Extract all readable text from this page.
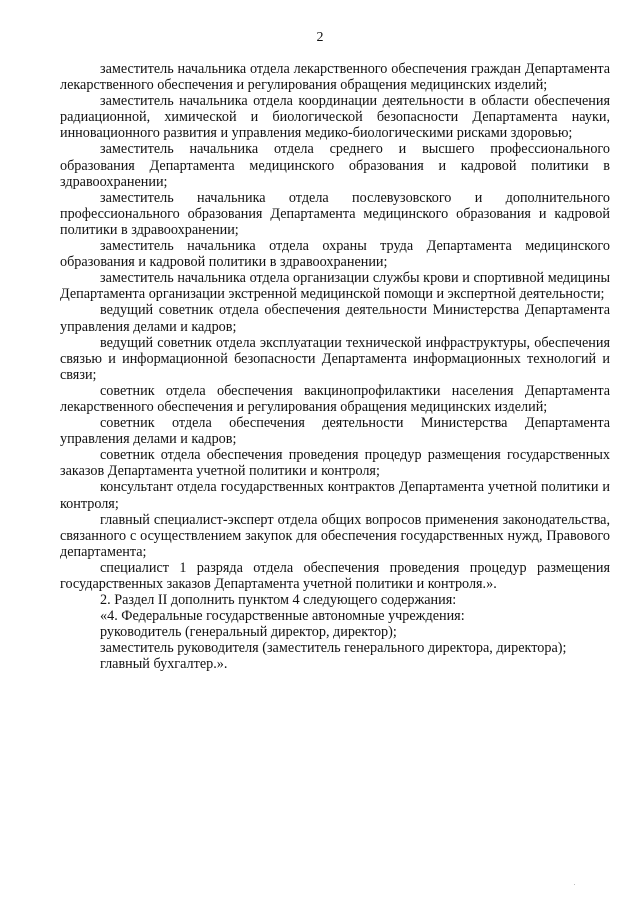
2

заместитель начальника отдела лекарственного обеспечения граждан Департамента лекарственного обеспечения и регулирования обращения медицинских изделий;

заместитель начальника отдела координации деятельности в области обеспечения радиационной, химической и биологической безопасности Департамента науки, инновационного развития и управления медико-биологическими рисками здоровью;

заместитель начальника отдела среднего и высшего профессионального образования Департамента медицинского образования и кадровой политики в здравоохранении;

заместитель начальника отдела послевузовского и дополнительного профессионального образования Департамента медицинского образования и кадровой политики в здравоохранении;

заместитель начальника отдела охраны труда Департамента медицинского образования и кадровой политики в здравоохранении;

заместитель начальника отдела организации службы крови и спортивной медицины Департамента организации экстренной медицинской помощи и экспертной деятельности;

ведущий советник отдела обеспечения деятельности Министерства Департамента управления делами и кадров;

ведущий советник отдела эксплуатации технической инфраструктуры, обеспечения связью и информационной безопасности Департамента информационных технологий и связи;

советник отдела обеспечения вакцинопрофилактики населения Департамента лекарственного обеспечения и регулирования обращения медицинских изделий;

советник отдела обеспечения деятельности Министерства Департамента управления делами и кадров;

советник отдела обеспечения проведения процедур размещения государственных заказов Департамента учетной политики и контроля;

консультант отдела государственных контрактов Департамента учетной политики и контроля;

главный специалист-эксперт отдела общих вопросов применения законодательства, связанного с осуществлением закупок для обеспечения государственных нужд, Правового департамента;

специалист 1 разряда отдела обеспечения проведения процедур размещения государственных заказов Департамента учетной политики и контроля.».

2. Раздел II дополнить пунктом 4 следующего содержания:

«4. Федеральные государственные автономные учреждения:

руководитель (генеральный директор, директор);

заместитель руководителя (заместитель генерального директора, директора);

главный бухгалтер.».
